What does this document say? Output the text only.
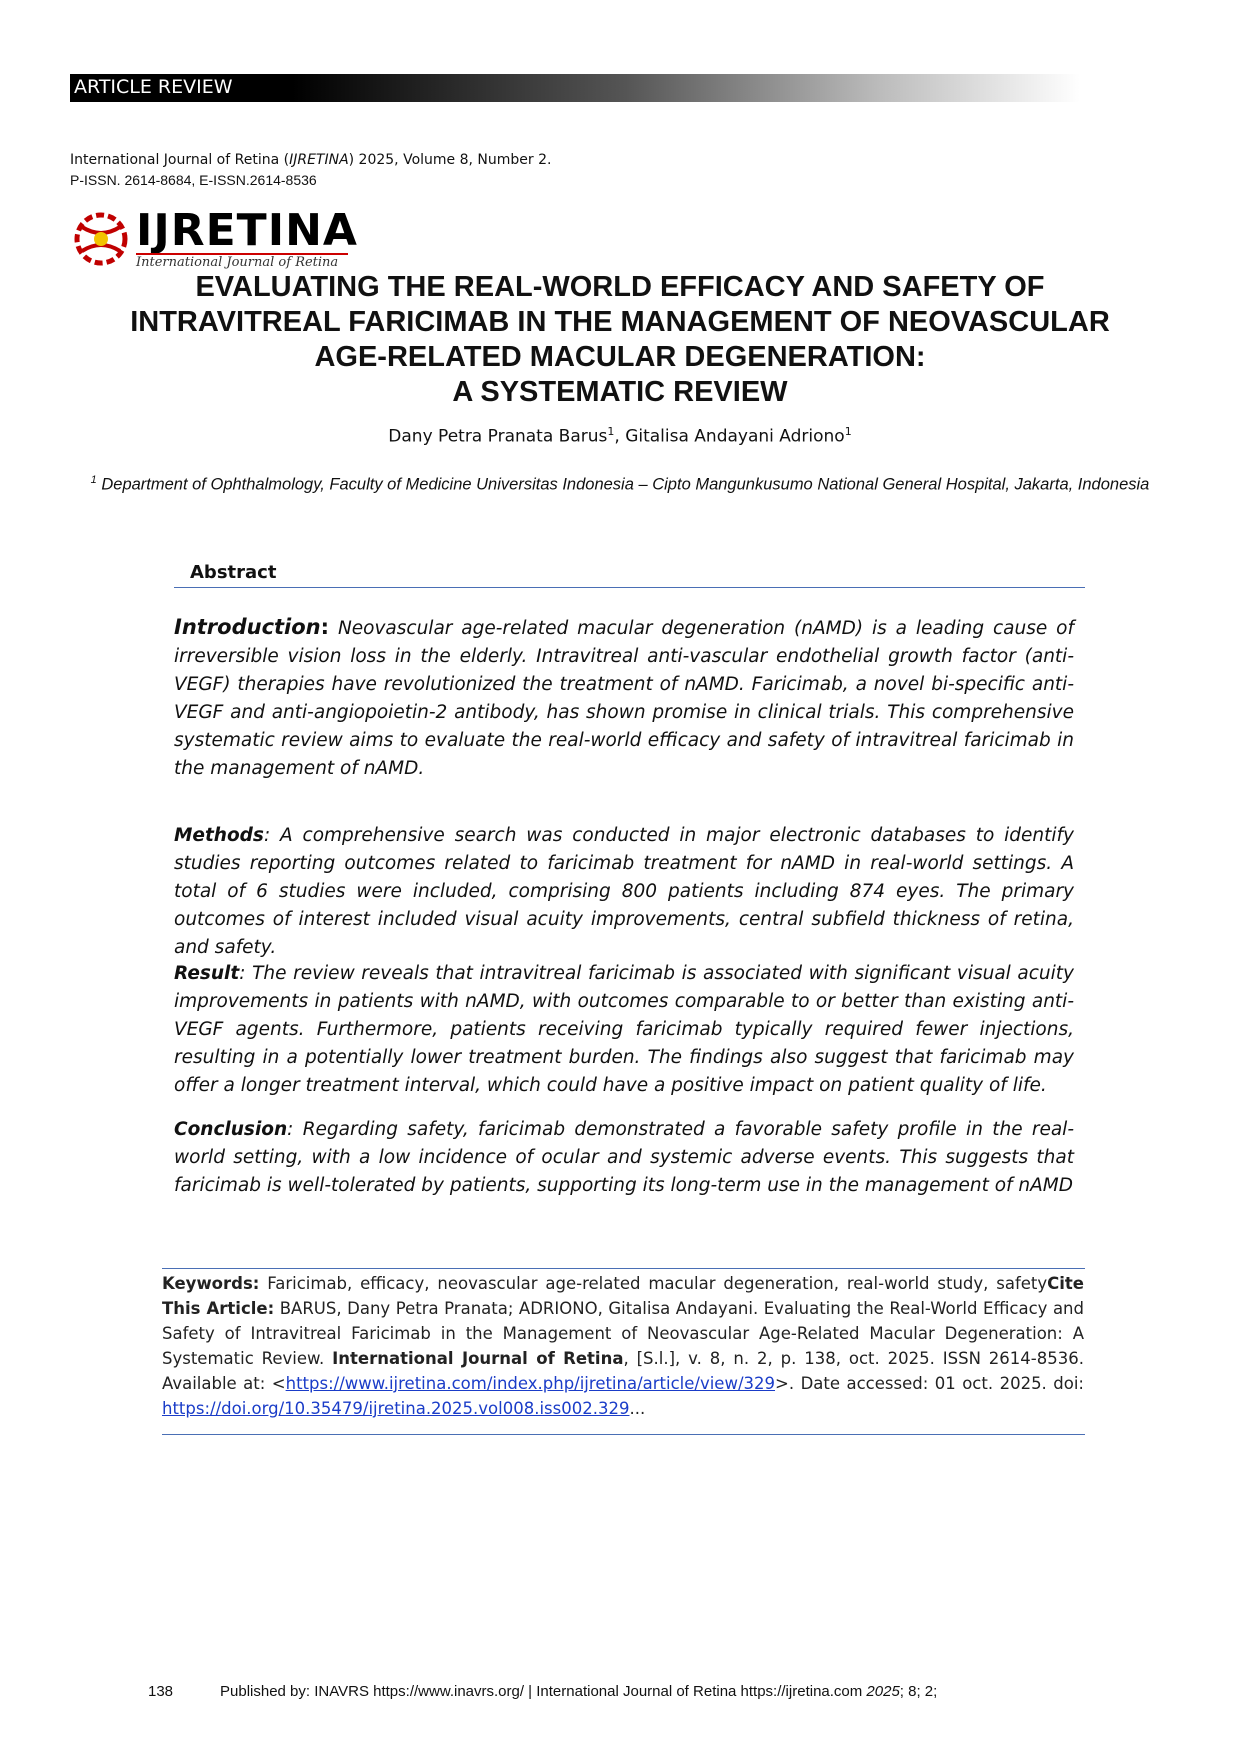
ARTICLE REVIEW
International Journal of Retina (IJRETINA) 2025, Volume 8, Number 2.
P-ISSN. 2614-8684, E-ISSN.2614-8536
IJRETINA
International Journal of Retina
EVALUATING THE REAL-WORLD EFFICACY AND SAFETY OF
INTRAVITREAL FARICIMAB IN THE MANAGEMENT OF NEOVASCULAR
AGE-RELATED MACULAR DEGENERATION:
A SYSTEMATIC REVIEW
Dany Petra Pranata Barus$^1$, Gitalisa Andayani Adriono$^1$
$^1$ Department of Ophthalmology, Faculty of Medicine Universitas Indonesia – Cipto Mangunkusumo National General Hospital, Jakarta, Indonesia
Abstract
Introduction: Neovascular age-related macular degeneration (nAMD) is a leading cause of irreversible vision loss in the elderly. Intravitreal anti-vascular endothelial growth factor (anti-VEGF) therapies have revolutionized the treatment of nAMD. Faricimab, a novel bi-specific anti-VEGF and anti-angiopoietin-2 antibody, has shown promise in clinical trials. This comprehensive systematic review aims to evaluate the real-world efficacy and safety of intravitreal faricimab in the management of nAMD.
Methods: A comprehensive search was conducted in major electronic databases to identify studies reporting outcomes related to faricimab treatment for nAMD in real-world settings. A total of 6 studies were included, comprising 800 patients including 874 eyes. The primary outcomes of interest included visual acuity improvements, central subfield thickness of retina, and safety.
Result: The review reveals that intravitreal faricimab is associated with significant visual acuity improvements in patients with nAMD, with outcomes comparable to or better than existing anti-VEGF agents. Furthermore, patients receiving faricimab typically required fewer injections, resulting in a potentially lower treatment burden. The findings also suggest that faricimab may offer a longer treatment interval, which could have a positive impact on patient quality of life.
Conclusion: Regarding safety, faricimab demonstrated a favorable safety profile in the real-world setting, with a low incidence of ocular and systemic adverse events. This suggests that faricimab is well-tolerated by patients, supporting its long-term use in the management of nAMD
Keywords: Faricimab, efficacy, neovascular age-related macular degeneration, real-world study, safetyCite This Article: BARUS, Dany Petra Pranata; ADRIONO, Gitalisa Andayani. Evaluating the Real-World Efficacy and Safety of Intravitreal Faricimab in the Management of Neovascular Age-Related Macular Degeneration: A Systematic Review. International Journal of Retina, [S.l.], v. 8, n. 2, p. 138, oct. 2025. ISSN 2614-8536. Available at: <https://www.ijretina.com/index.php/ijretina/article/view/329>. Date accessed: 01 oct. 2025. doi: https://doi.org/10.35479/ijretina.2025.vol008.iss002.329...
138	Published by: INAVRS https://www.inavrs.org/ | International Journal of Retina https://ijretina.com 2025; 8; 2;
